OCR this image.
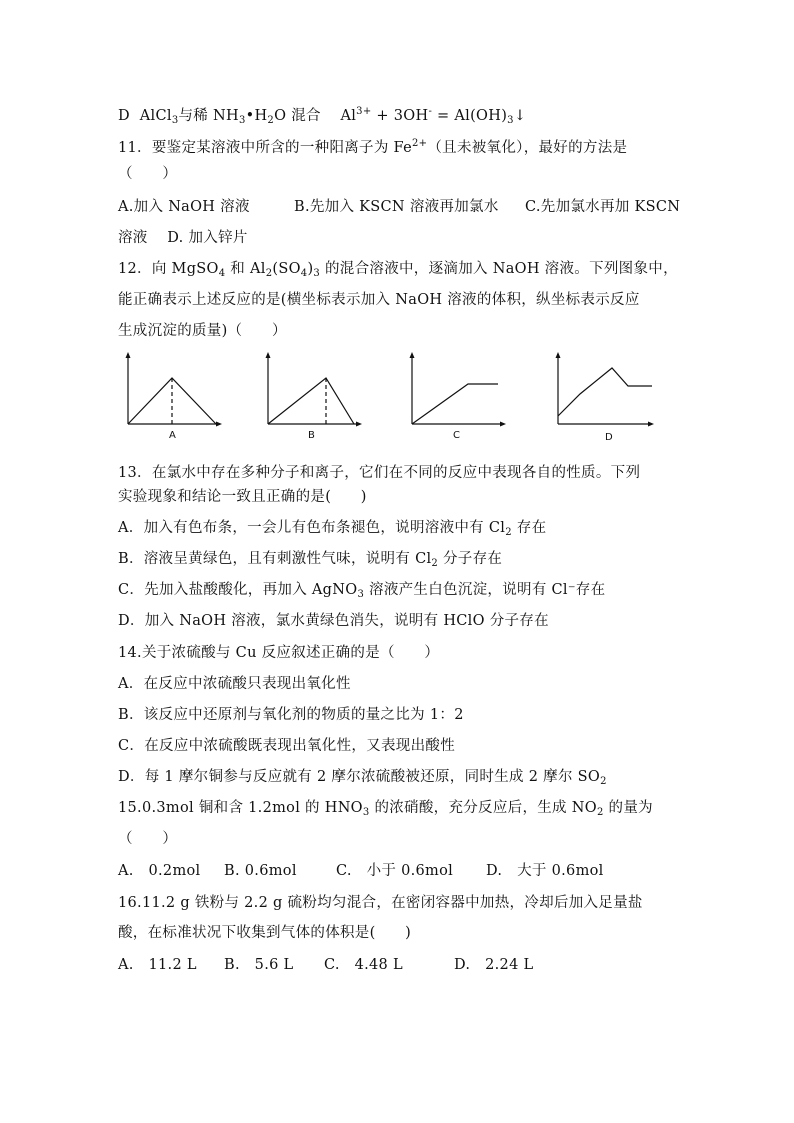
D AlCl$_3$与稀 $NH_3•H_2O$ 混合 $Al^{3+} + 3OH^-$ = $Al(OH)_3↓$
11．要鉴定某溶液中所含的一种阳离子为 $Fe^{2+}$（且未被氧化），最好的方法是
（　　）
A.加入 NaOH 溶液	B.先加入 KSCN 溶液再加氯水 C.先加氯水再加 KSCN
溶液 D. 加入锌片
12．向 MgSO$_4$ 和 $Al_2(SO_4)_3$ 的混合溶液中，逐滴加入 NaOH 溶液。下列图象中，
能正确表示上述反应的是(横坐标表示加入 NaOH 溶液的体积，纵坐标表示反应
生成沉淀的质量)（　　）
A	B	C	D
13．在氯水中存在多种分子和离子，它们在不同的反应中表现各自的性质。下列
实验现象和结论一致且正确的是(　　)
A．加入有色布条，一会儿有色布条褪色，说明溶液中有 $Cl_2$ 存在
B．溶液呈黄绿色，且有刺激性气味，说明有 $Cl_2$ 分子存在
C．先加入盐酸酸化，再加入 AgNO$_3$ 溶液产生白色沉淀，说明有 Cl⁻存在
D．加入 NaOH 溶液，氯水黄绿色消失，说明有 HClO 分子存在
14.关于浓硫酸与 Cu 反应叙述正确的是（　　）
A．在反应中浓硫酸只表现出氧化性
B．该反应中还原剂与氧化剂的物质的量之比为 1：2
C．在反应中浓硫酸既表现出氧化性，又表现出酸性
D．每 1 摩尔铜参与反应就有 2 摩尔浓硫酸被还原，同时生成 2 摩尔 $SO_2$
15.0.3mol 铜和含 1.2mol 的 $HNO_3$ 的浓硝酸，充分反应后，生成 $NO_2$ 的量为
（　　）
A.　0.2mol B. 0.6mol	C.　小于 0.6mol D.　大于 0.6mol
16.11.2 g 铁粉与 2.2 g 硫粉均匀混合，在密闭容器中加热，冷却后加入足量盐
酸，在标准状况下收集到气体的体积是(　　)
A.　11.2 L B.　5.6 L C.　4.48 L	D.　2.24 L
